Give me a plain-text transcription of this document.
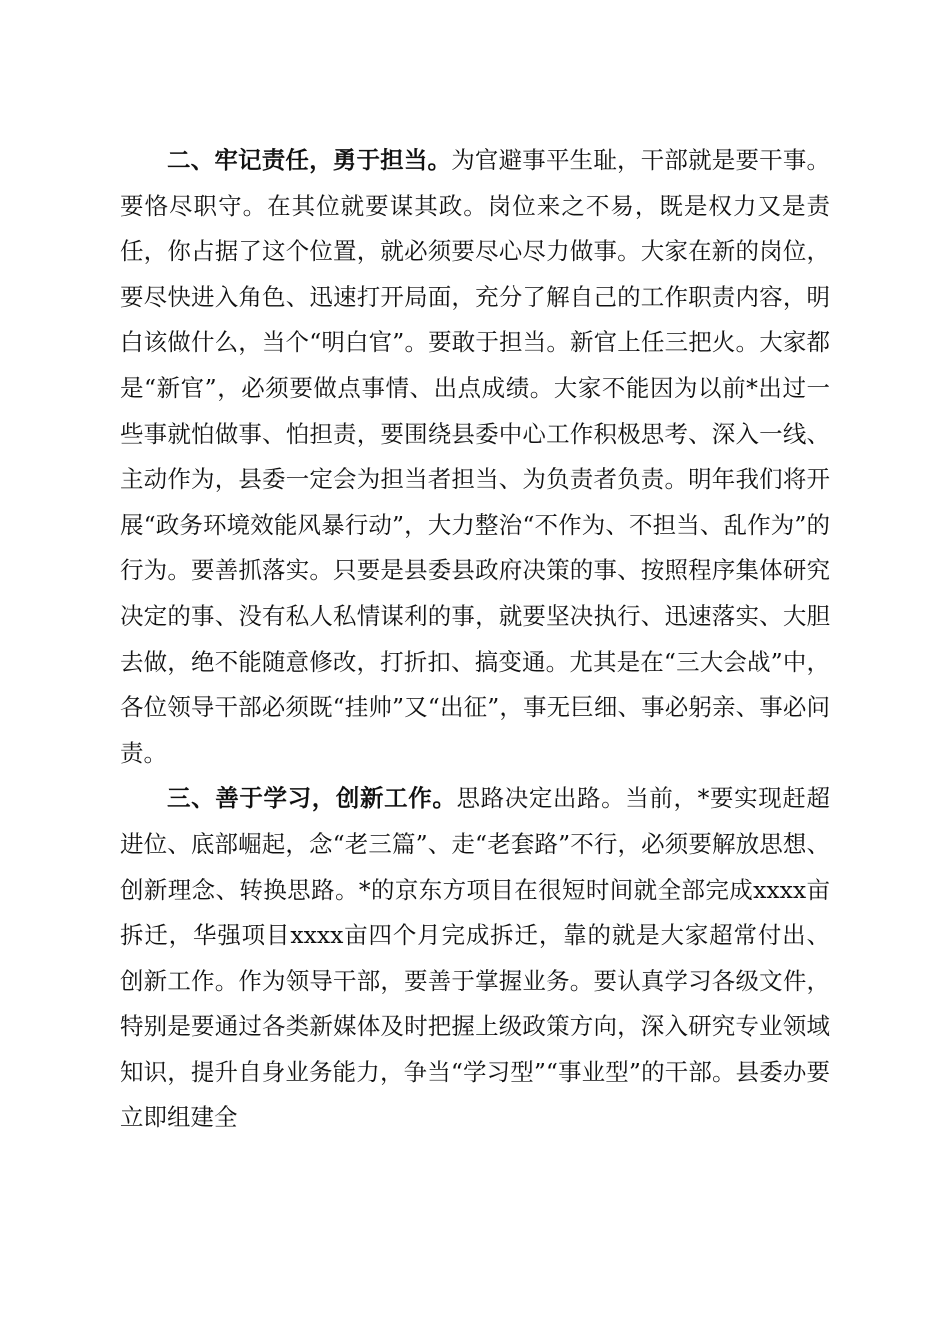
二、牢记责任，勇于担当。为官避事平生耻，干部就是要干事。要恪尽职守。在其位就要谋其政。岗位来之不易，既是权力又是责任，你占据了这个位置，就必须要尽心尽力做事。大家在新的岗位，要尽快进入角色、迅速打开局面，充分了解自己的工作职责内容，明白该做什么，当个“明白官”。要敢于担当。新官上任三把火。大家都是“新官”，必须要做点事情、出点成绩。大家不能因为以前*出过一些事就怕做事、怕担责，要围绕县委中心工作积极思考、深入一线、主动作为，县委一定会为担当者担当、为负责者负责。明年我们将开展“政务环境效能风暴行动”，大力整治“不作为、不担当、乱作为”的行为。要善抓落实。只要是县委县政府决策的事、按照程序集体研究决定的事、没有私人私情谋利的事，就要坚决执行、迅速落实、大胆去做，绝不能随意修改，打折扣、搞变通。尤其是在“三大会战”中，各位领导干部必须既“挂帅”又“出征”，事无巨细、事必躬亲、事必问责。

三、善于学习，创新工作。思路决定出路。当前，*要实现赶超进位、底部崛起，念“老三篇”、走“老套路”不行，必须要解放思想、创新理念、转换思路。*的京东方项目在很短时间就全部完成xxxx亩拆迁，华强项目xxxx亩四个月完成拆迁，靠的就是大家超常付出、创新工作。作为领导干部，要善于掌握业务。要认真学习各级文件，特别是要通过各类新媒体及时把握上级政策方向，深入研究专业领域知识，提升自身业务能力，争当“学习型”“事业型”的干部。县委办要立即组建全
